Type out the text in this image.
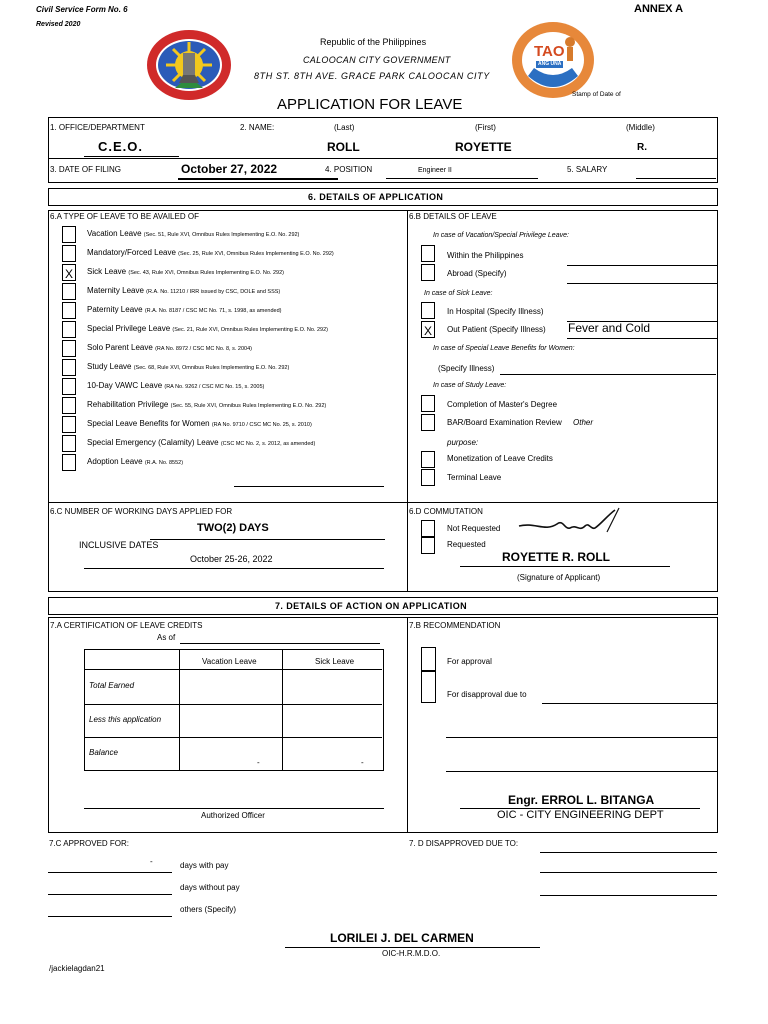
Civil Service Form No. 6
Revised 2020
ANNEX A
Republic of the Philippines
CALOOCAN CITY GOVERNMENT
8TH ST. 8TH AVE. GRACE PARK CALOOCAN CITY
TAO
ANG UNA
Stamp of Date of
APPLICATION FOR LEAVE
1. OFFICE/DEPARTMENT
C.E.O.
2. NAME:	(Last)	(First)	(Middle)
ROLL	ROYETTE	R.
3. DATE OF FILING	October 27, 2022	4. POSITION	Engineer II	5. SALARY
6. DETAILS OF APPLICATION
6.A TYPE OF LEAVE TO BE AVAILED OF
X
Vacation Leave (Sec. 51, Rule XVI, Omnibus Rules Implementing E.O. No. 292)
Mandatory/Forced Leave (Sec. 25, Rule XVI, Omnibus Rules Implementing E.O. No. 292)
Sick Leave (Sec. 43, Rule XVI, Omnibus Rules Implementing E.O. No. 292)
Maternity Leave (R.A. No. 11210 / IRR issued by CSC, DOLE and SSS)
Paternity Leave (R.A. No. 8187 / CSC MC No. 71, s. 1998, as amended)
Special Privilege Leave (Sec. 21, Rule XVI, Omnibus Rules Implementing E.O. No. 292)
Solo Parent Leave (RA No. 8972 / CSC MC No. 8, s. 2004)
Study Leave (Sec. 68, Rule XVI, Omnibus Rules Implementing E.O. No. 292)
10-Day VAWC Leave (RA No. 9262 / CSC MC No. 15, s. 2005)
Rehabilitation Privilege (Sec. 55, Rule XVI, Omnibus Rules Implementing E.O. No. 292)
Special Leave Benefits for Women (RA No. 9710 / CSC MC No. 25, s. 2010)
Special Emergency (Calamity) Leave (CSC MC No. 2, s. 2012, as amended)
Adoption Leave (R.A. No. 8552)
6.B DETAILS OF LEAVE
In case of Vacation/Special Privilege Leave:
Within the Philippines
Abroad (Specify)
In case of Sick Leave:
X
In Hospital (Specify Illness)
Out Patient (Specify Illness) Fever and Cold
In case of Special Leave Benefits for Women:
(Specify Illness)
In case of Study Leave:
Completion of Master's Degree
BAR/Board Examination Review Other
purpose:
Monetization of Leave Credits
Terminal Leave
6.C NUMBER OF WORKING DAYS APPLIED FOR
TWO(2) DAYS
INCLUSIVE DATES
October 25-26, 2022
6.D COMMUTATION
Not Requested
Requested
ROYETTE R. ROLL
(Signature of Applicant)
7. DETAILS OF ACTION ON APPLICATION
7.A CERTIFICATION OF LEAVE CREDITS
As of
Vacation Leave	Sick Leave
Total Earned
Less this application
Balance
-	-
Authorized Officer
7.B RECOMMENDATION
For approval
For disapproval due to
Engr. ERROL L. BITANGA
OIC - CITY ENGINEERING DEPT
7.C APPROVED FOR:
-	days with pay
days without pay
others (Specify)
7. D DISAPPROVED DUE TO:
LORILEI J. DEL CARMEN
OIC-H.R.M.D.O.
/jackielagdan21
